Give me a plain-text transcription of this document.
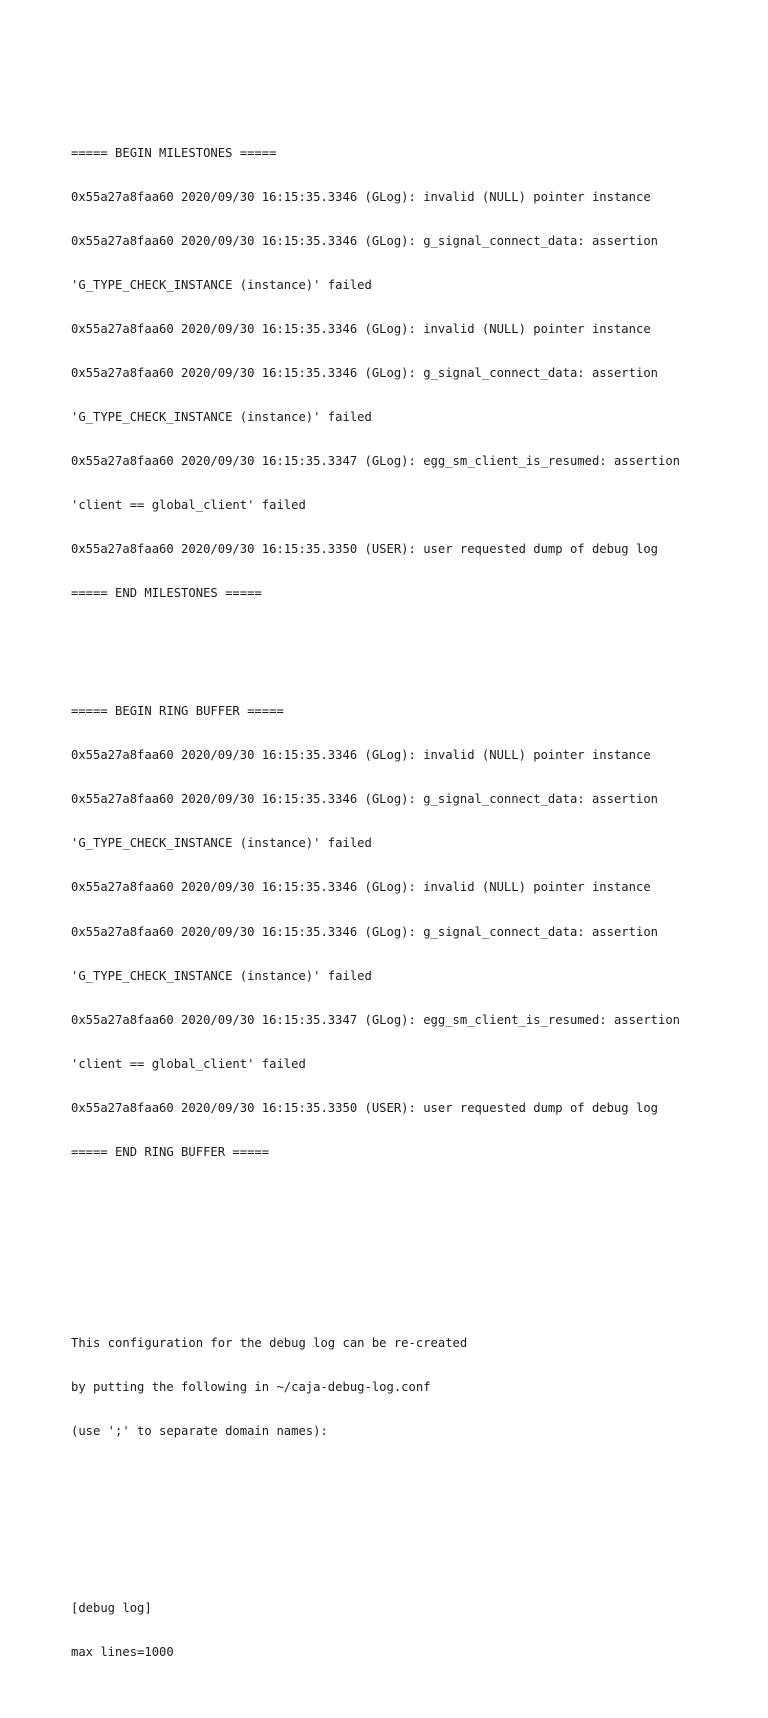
===== BEGIN MILESTONES =====

0x55a27a8faa60 2020/09/30 16:15:35.3346 (GLog): invalid (NULL) pointer instance

0x55a27a8faa60 2020/09/30 16:15:35.3346 (GLog): g_signal_connect_data: assertion

'G_TYPE_CHECK_INSTANCE (instance)' failed

0x55a27a8faa60 2020/09/30 16:15:35.3346 (GLog): invalid (NULL) pointer instance

0x55a27a8faa60 2020/09/30 16:15:35.3346 (GLog): g_signal_connect_data: assertion

'G_TYPE_CHECK_INSTANCE (instance)' failed

0x55a27a8faa60 2020/09/30 16:15:35.3347 (GLog): egg_sm_client_is_resumed: assertion

'client == global_client' failed

0x55a27a8faa60 2020/09/30 16:15:35.3350 (USER): user requested dump of debug log

===== END MILESTONES =====

===== BEGIN RING BUFFER =====

0x55a27a8faa60 2020/09/30 16:15:35.3346 (GLog): invalid (NULL) pointer instance

0x55a27a8faa60 2020/09/30 16:15:35.3346 (GLog): g_signal_connect_data: assertion

'G_TYPE_CHECK_INSTANCE (instance)' failed

0x55a27a8faa60 2020/09/30 16:15:35.3346 (GLog): invalid (NULL) pointer instance

0x55a27a8faa60 2020/09/30 16:15:35.3346 (GLog): g_signal_connect_data: assertion

'G_TYPE_CHECK_INSTANCE (instance)' failed

0x55a27a8faa60 2020/09/30 16:15:35.3347 (GLog): egg_sm_client_is_resumed: assertion

'client == global_client' failed

0x55a27a8faa60 2020/09/30 16:15:35.3350 (USER): user requested dump of debug log

===== END RING BUFFER =====

This configuration for the debug log can be re-created

by putting the following in ~/caja-debug-log.conf

(use ';' to separate domain names):

[debug log]

max lines=1000
